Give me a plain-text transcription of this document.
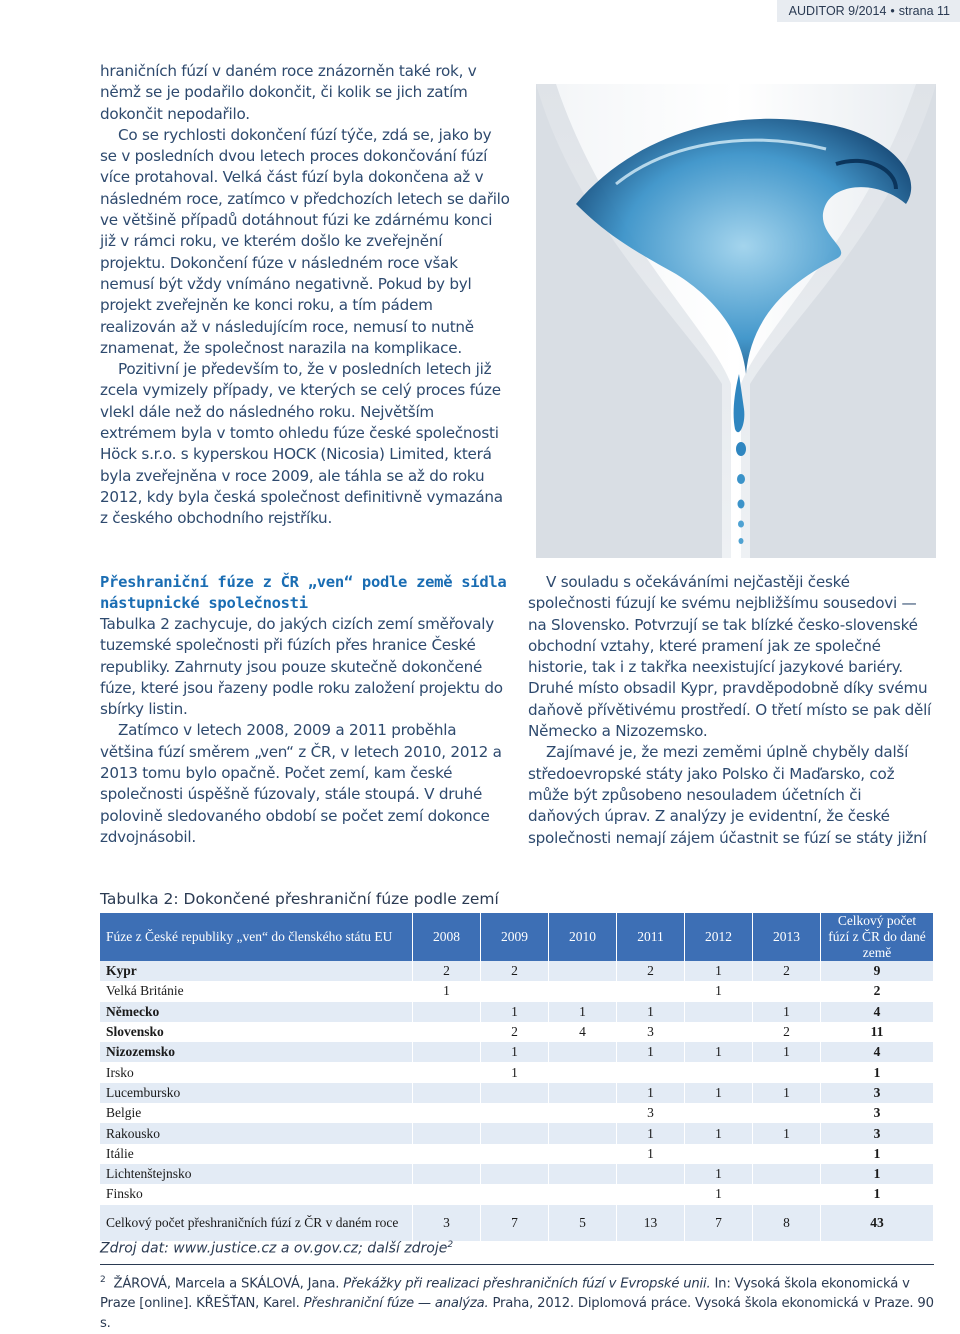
AUDITOR 9/2014 • strana 11

hraničních fúzí v daném roce znázorněn také rok, v němž se je podařilo dokončit, či kolik se jich zatím dokončit nepodařilo.

Co se rychlosti dokončení fúzí týče, zdá se, jako by se v posledních dvou letech proces dokončování fúzí více protahoval. Velká část fúzí byla dokončena až v následném roce, zatímco v předchozích letech se dařilo ve většině případů dotáhnout fúzi ke zdárnému konci již v rámci roku, ve kterém došlo ke zveřejnění projektu. Dokončení fúze v následném roce však nemusí být vždy vnímáno negativně. Pokud by byl projekt zveřejněn ke konci roku, a tím pádem realizován až v následujícím roce, nemusí to nutně znamenat, že společnost narazila na komplikace.

Pozitivní je především to, že v posledních letech již zcela vymizely případy, ve kterých se celý proces fúze vlekl dále než do následného roku. Největším extrémem byla v tomto ohledu fúze české společnosti Höck s.r.o. s kyperskou HOCK (Nicosia) Limited, která byla zveřejněna v roce 2009, ale táhla se až do roku 2012, kdy byla česká společnost definitivně vymazána z českého obchodního rejstříku.

Přeshraniční fúze z ČR „ven“ podle země sídla nástupnické společnosti

Tabulka 2 zachycuje, do jakých cizích zemí směřovaly tuzemské společnosti při fúzích přes hranice České republiky. Zahrnuty jsou pouze skutečně dokončené fúze, které jsou řazeny podle roku založení projektu do sbírky listin.

Zatímco v letech 2008, 2009 a 2011 proběhla většina fúzí směrem „ven“ z ČR, v letech 2010, 2012 a 2013 tomu bylo opačně. Počet zemí, kam české společnosti úspěšně fúzovaly, stále stoupá. V druhé polovině sledovaného období se počet zemí dokonce zdvojnásobil.

V souladu s očekáváními nejčastěji české společnosti fúzují ke svému nejbližšímu sousedovi — na Slovensko. Potvrzují se tak blízké česko-slovenské obchodní vztahy, které pramení jak ze společné historie, tak i z takřka neexistující jazykové bariéry. Druhé místo obsadil Kypr, pravděpodobně díky svému daňově přívětivému prostředí. O třetí místo se pak dělí Německo a Nizozemsko.

Zajímavé je, že mezi zeměmi úplně chyběly další středoevropské státy jako Polsko či Maďarsko, což může být způsobeno nesouladem účetních či daňových úprav. Z analýzy je evidentní, že české společnosti nemají zájem účastnit se fúzí se státy jižní

Tabulka 2: Dokončené přeshraniční fúze podle zemí
Fúze z České republiky „ven“ do členského státu EU	2008	2009	2010	2011	2012	2013	Celkový počet fúzí z ČR do dané země
Kypr	2	2		2	1	2	9
Velká Británie	1				1		2
Německo		1	1	1		1	4
Slovensko		2	4	3		2	11
Nizozemsko		1		1	1	1	4
Irsko		1					1
Lucembursko				1	1	1	3
Belgie				3			3
Rakousko				1	1	1	3
Itálie				1			1
Lichtenštejnsko					1		1
Finsko					1		1
Celkový počet přeshraničních fúzí z ČR v daném roce	3	7	5	13	7	8	43
Zdroj dat: www.justice.cz a ov.gov.cz; další zdroje$^2$
$^2$ ŽÁROVÁ, Marcela a SKÁLOVÁ, Jana. Překážky při realizaci přeshraničních fúzí v Evropské unii. In: Vysoká škola ekonomická v Praze [online]. KŘEŠŤAN, Karel. Přeshraniční fúze — analýza. Praha, 2012. Diplomová práce. Vysoká škola ekonomická v Praze. 90 s.
